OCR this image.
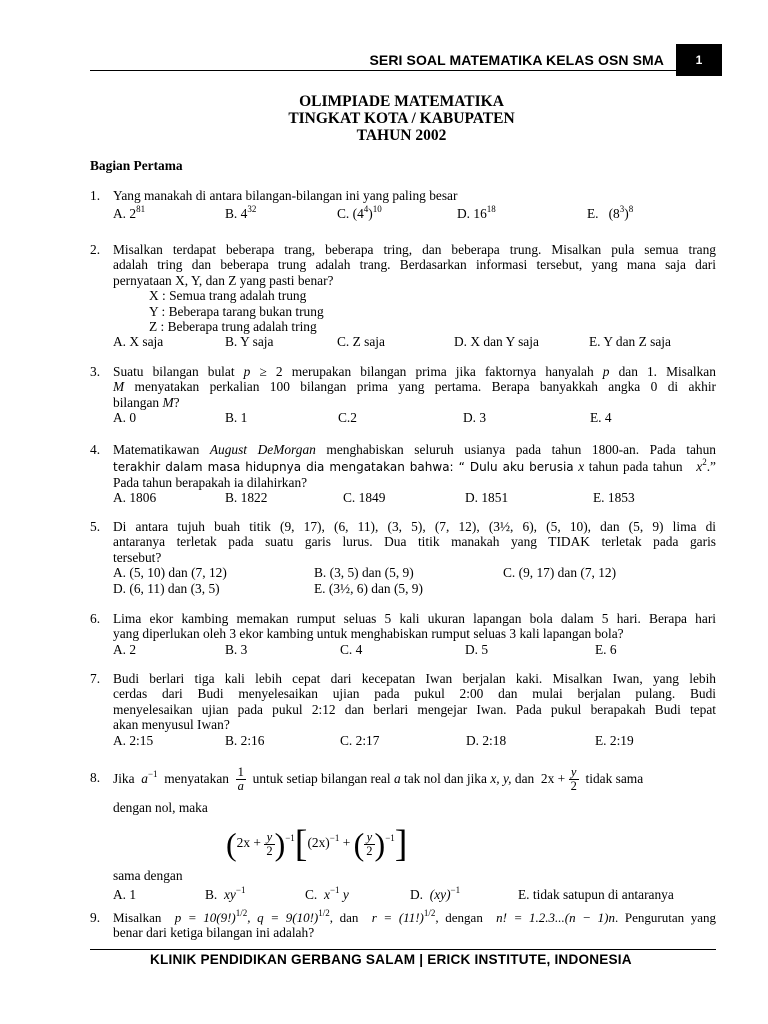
SERI SOAL MATEMATIKA KELAS OSN SMA	1
OLIMPIADE MATEMATIKA
TINGKAT KOTA / KABUPATEN
TAHUN 2002
Bagian Pertama
1. Yang manakah di antara bilangan-bilangan ini yang paling besar
A. $2^{81}$	B. $4^{32}$	C. $(4^4)^{10}$	D. $16^{18}$	E. $(8^3)^8$
2. Misalkan terdapat beberapa trang, beberapa tring, dan beberapa trung. Misalkan pula semua trang
adalah tring dan beberapa trung adalah trang. Berdasarkan informasi tersebut, yang mana saja dari
pernyataan X, Y, dan Z yang pasti benar?
X : Semua trang adalah trung
Y : Beberapa tarang bukan trung
Z : Beberapa trung adalah tring
A. X saja	B. Y saja	C. Z saja	D. X dan Y saja	E. Y dan Z saja
3. Suatu bilangan bulat p ≥ 2 merupakan bilangan prima jika faktornya hanyalah p dan 1. Misalkan
M menyatakan perkalian 100 bilangan prima yang pertama. Berapa banyakkah angka 0 di akhir
bilangan M?
A. 0	B. 1	C.2	D. 3	E. 4
4. Matematikawan August DeMorgan menghabiskan seluruh usianya pada tahun 1800-an. Pada tahun
terakhir dalam masa hidupnya dia mengatakan bahwa: “ Dulu aku berusia x tahun pada tahun $x^2$.”
Pada tahun berapakah ia dilahirkan?
A. 1806	B. 1822	C. 1849	D. 1851	E. 1853
5. Di antara tujuh buah titik (9, 17), (6, 11), (3, 5), (7, 12), (3½, 6), (5, 10), dan (5, 9) lima di
antaranya terletak pada suatu garis lurus. Dua titik manakah yang TIDAK terletak pada garis
tersebut?
A. (5, 10) dan (7, 12)	B. (3, 5) dan (5, 9)	C. (9, 17) dan (7, 12)
D. (6, 11) dan (3, 5)	E. (3½, 6) dan (5, 9)
6. Lima ekor kambing memakan rumput seluas 5 kali ukuran lapangan bola dalam 5 hari. Berapa hari
yang diperlukan oleh 3 ekor kambing untuk menghabiskan rumput seluas 3 kali lapangan bola?
A. 2	B. 3	C. 4	D. 5	E. 6
7. Budi berlari tiga kali lebih cepat dari kecepatan Iwan berjalan kaki. Misalkan Iwan, yang lebih
cerdas dari Budi menyelesaikan ujian pada pukul 2:00 dan mulai berjalan pulang. Budi
menyelesaikan ujian pada pukul 2:12 dan berlari mengejar Iwan. Pada pukul berapakah Budi tepat
akan menyusul Iwan?
A. 2:15	B. 2:16	C. 2:17	D. 2:18	E. 2:19
8. Jika $a^{-1}$ menyatakan $\frac{1}{a}$ untuk setiap bilangan real a tak nol dan jika x, y, dan $2x + \frac{y}{2}$ tidak sama
dengan nol, maka
$(2x + \frac{y}{2} )^{-1}[(2x)^{-1}$ + ( $\frac{y}{2} )^{-1}$]
sama dengan
A. 1	B. $xy^{-1}$	C. $x^{-1}$ y	D. (xy)$^{-1}$	E. tidak satupun di antaranya
9. Misalkan $p = 10(9!)^{1/2}$, $q = 9(10!)^{1/2}$, dan $r = (11!)^{1/2}$, dengan n! = 1.2.3...(n − 1)n. Pengurutan yang
benar dari ketiga bilangan ini adalah?
KLINIK PENDIDIKAN GERBANG SALAM | ERICK INSTITUTE, INDONESIA
